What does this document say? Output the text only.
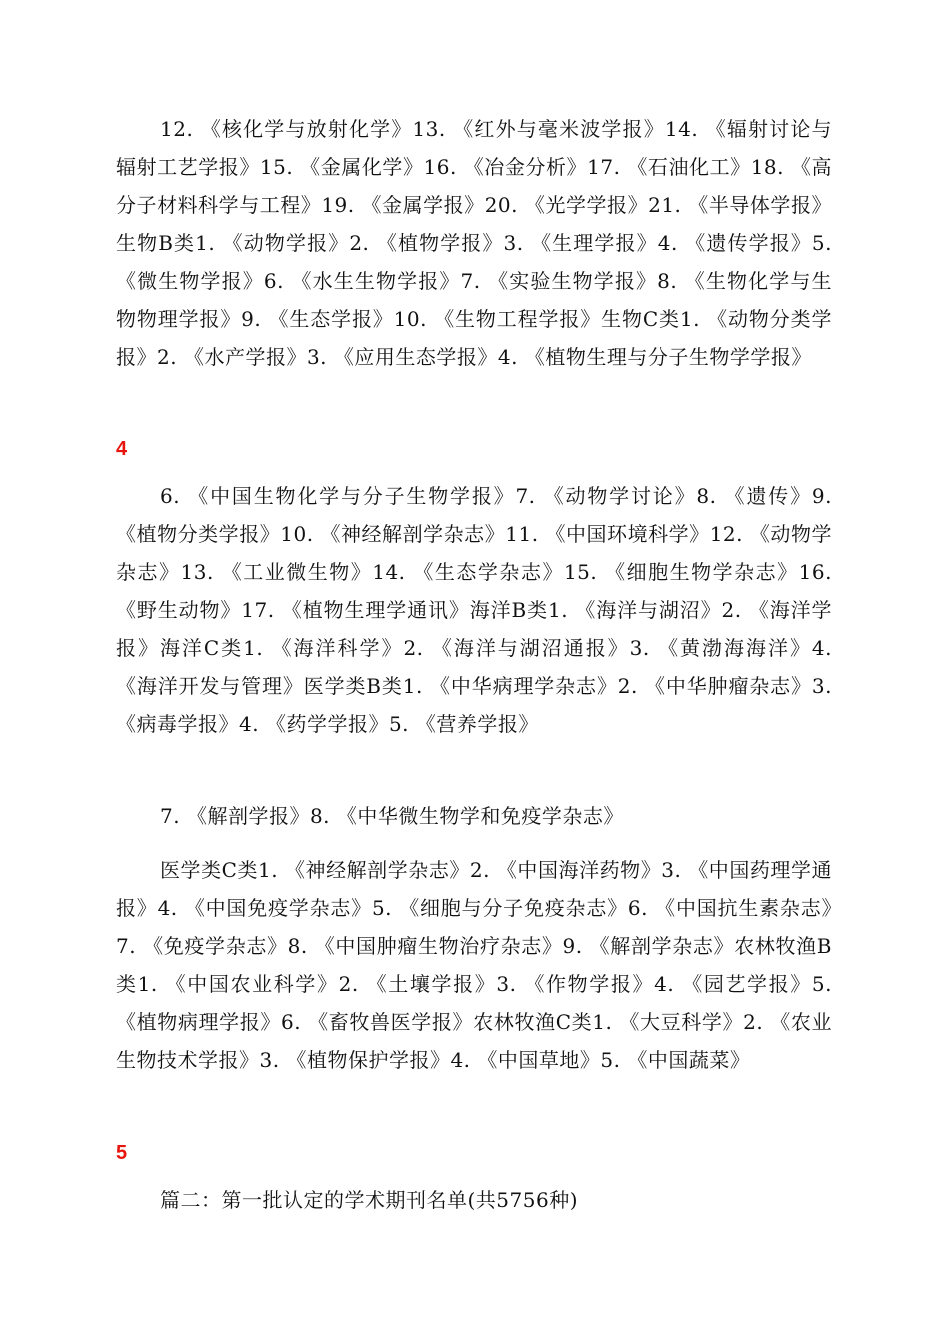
12. 《核化学与放射化学》13. 《红外与毫米波学报》14. 《辐射讨论与辐射工艺学报》15. 《金属化学》16. 《冶金分析》17. 《石油化工》18. 《高分子材料科学与工程》19. 《金属学报》20. 《光学学报》21. 《半导体学报》生物B类1. 《动物学报》2. 《植物学报》3. 《生理学报》4. 《遗传学报》5. 《微生物学报》6. 《水生生物学报》7. 《实验生物学报》8. 《生物化学与生物物理学报》9. 《生态学报》10. 《生物工程学报》生物C类1. 《动物分类学报》2. 《水产学报》3. 《应用生态学报》4. 《植物生理与分子生物学学报》

4

6. 《中国生物化学与分子生物学报》7. 《动物学讨论》8. 《遗传》9. 《植物分类学报》10. 《神经解剖学杂志》11. 《中国环境科学》12. 《动物学杂志》13. 《工业微生物》14. 《生态学杂志》15. 《细胞生物学杂志》16. 《野生动物》17. 《植物生理学通讯》海洋B类1. 《海洋与湖沼》2. 《海洋学报》海洋C类1. 《海洋科学》2. 《海洋与湖沼通报》3. 《黄渤海海洋》4. 《海洋开发与管理》医学类B类1. 《中华病理学杂志》2. 《中华肿瘤杂志》3. 《病毒学报》4. 《药学学报》5. 《营养学报》

7. 《解剖学报》8. 《中华微生物学和免疫学杂志》

医学类C类1. 《神经解剖学杂志》2. 《中国海洋药物》3. 《中国药理学通报》4. 《中国免疫学杂志》5. 《细胞与分子免疫杂志》6. 《中国抗生素杂志》7. 《免疫学杂志》8. 《中国肿瘤生物治疗杂志》9. 《解剖学杂志》农林牧渔B类1. 《中国农业科学》2. 《土壤学报》3. 《作物学报》4. 《园艺学报》5. 《植物病理学报》6. 《畜牧兽医学报》农林牧渔C类1. 《大豆科学》2. 《农业生物技术学报》3. 《植物保护学报》4. 《中国草地》5. 《中国蔬菜》

5

篇二：第一批认定的学术期刊名单(共5756种)
